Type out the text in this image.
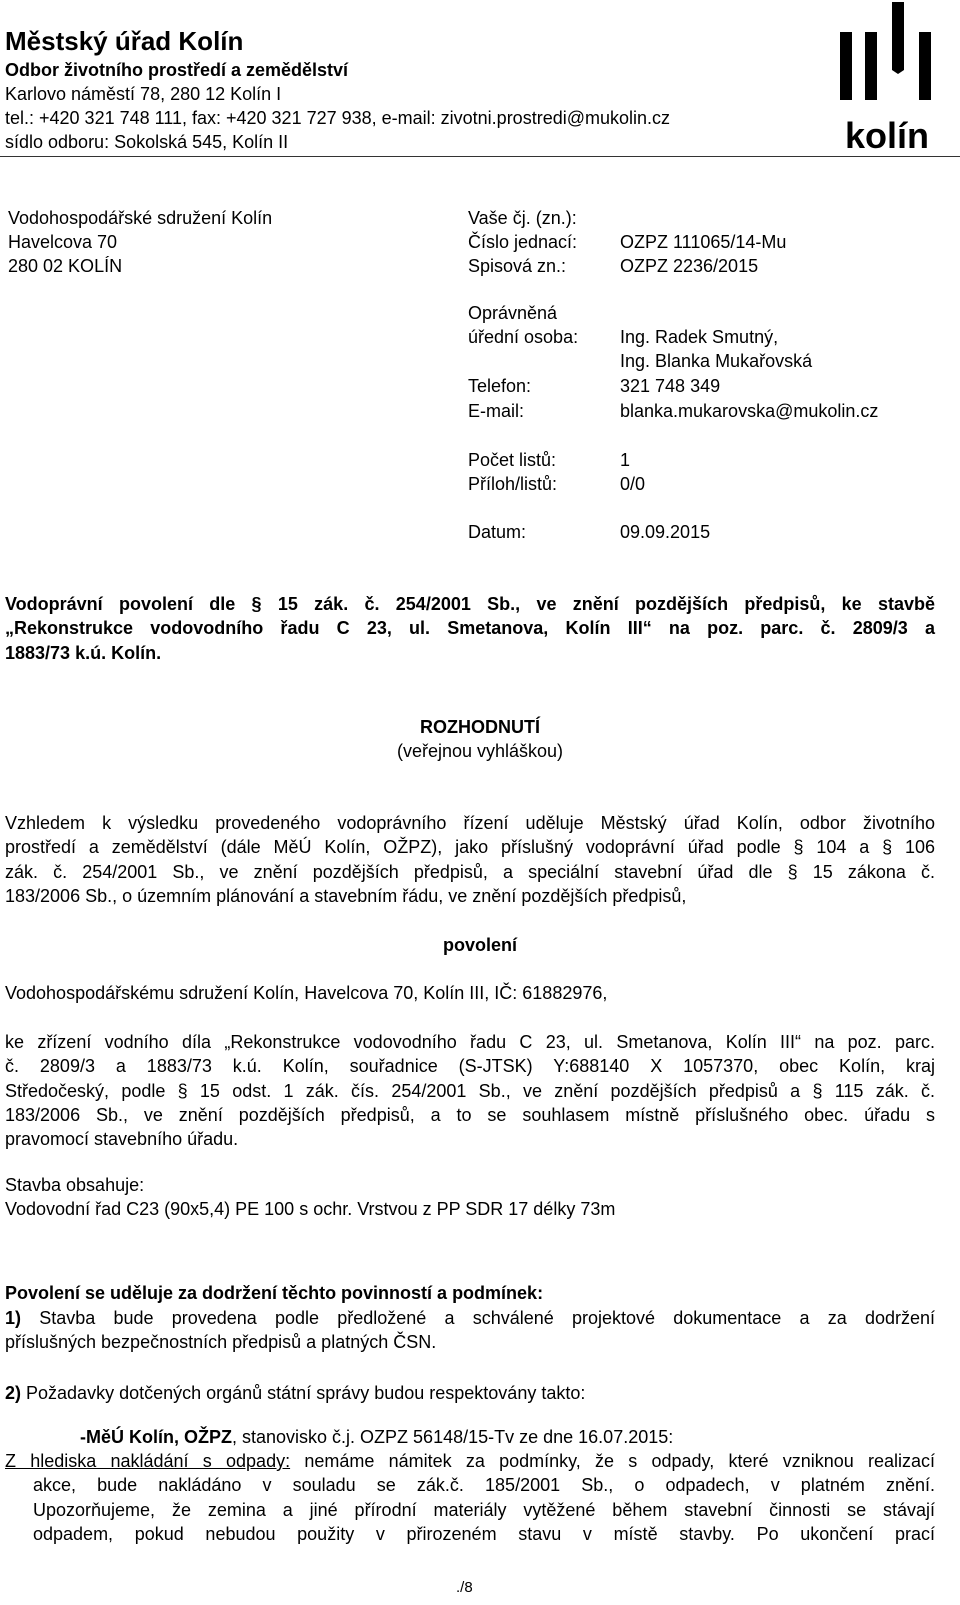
Městský úřad Kolín
Odbor životního prostředí a zemědělství
Karlovo náměstí 78, 280 12 Kolín I
tel.: +420 321 748 111, fax: +420 321 727 938, e-mail: zivotni.prostredi@mukolin.cz
sídlo odboru: Sokolská 545, Kolín II	kolín
Vodohospodářské sdružení Kolín
Havelcova 70
280 02 KOLÍN
Vaše čj. (zn.):
Číslo jednací: OZPZ 111065/14-Mu
Spisová zn.:	OZPZ 2236/2015
Oprávněná
úřední osoba: Ing. Radek Smutný,
Ing. Blanka Mukařovská
Telefon:	321 748 349
E-mail:	blanka.mukarovska@mukolin.cz
Počet listů:	1
Příloh/listů:	0/0
Datum:	09.09.2015
Vodoprávní povolení dle § 15 zák. č. 254/2001 Sb., ve znění pozdějších předpisů, ke stavbě
„Rekonstrukce vodovodního řadu C 23, ul. Smetanova, Kolín III“ na poz. parc. č. 2809/3 a
1883/73 k.ú. Kolín.
ROZHODNUTÍ
(veřejnou vyhláškou)
Vzhledem k výsledku provedeného vodoprávního řízení uděluje Městský úřad Kolín, odbor životního
prostředí a zemědělství (dále MěÚ Kolín, OŽPZ), jako příslušný vodoprávní úřad podle § 104 a § 106
zák. č. 254/2001 Sb., ve znění pozdějších předpisů, a speciální stavební úřad dle § 15 zákona č.
183/2006 Sb., o územním plánování a stavebním řádu, ve znění pozdějších předpisů,
povolení
Vodohospodářskému sdružení Kolín, Havelcova 70, Kolín III, IČ: 61882976,
ke zřízení vodního díla „Rekonstrukce vodovodního řadu C 23, ul. Smetanova, Kolín III“ na poz. parc.
č. 2809/3 a 1883/73 k.ú. Kolín, souřadnice (S-JTSK) Y:688140 X 1057370, obec Kolín, kraj
Středočeský, podle § 15 odst. 1 zák. čís. 254/2001 Sb., ve znění pozdějších předpisů a § 115 zák. č.
183/2006 Sb., ve znění pozdějších předpisů, a to se souhlasem místně příslušného obec. úřadu s
pravomocí stavebního úřadu.
Stavba obsahuje:
Vodovodní řad C23 (90x5,4) PE 100 s ochr. Vrstvou z PP SDR 17 délky 73m
Povolení se uděluje za dodržení těchto povinností a podmínek:
1) Stavba bude provedena podle předložené a schválené projektové dokumentace a za dodržení
příslušných bezpečnostních předpisů a platných ČSN.
2) Požadavky dotčených orgánů státní správy budou respektovány takto:
-MěÚ Kolín, OŽPZ, stanovisko č.j. OZPZ 56148/15-Tv ze dne 16.07.2015:
Z hlediska nakládání s odpady: nemáme námitek za podmínky, že s odpady, které vzniknou realizací
akce, bude nakládáno v souladu se zák.č. 185/2001 Sb., o odpadech, v platném znění.
Upozorňujeme, že zemina a jiné přírodní materiály vytěžené během stavební činnosti se stávají
odpadem, pokud nebudou použity v přirozeném stavu v místě stavby. Po ukončení prací
./8
